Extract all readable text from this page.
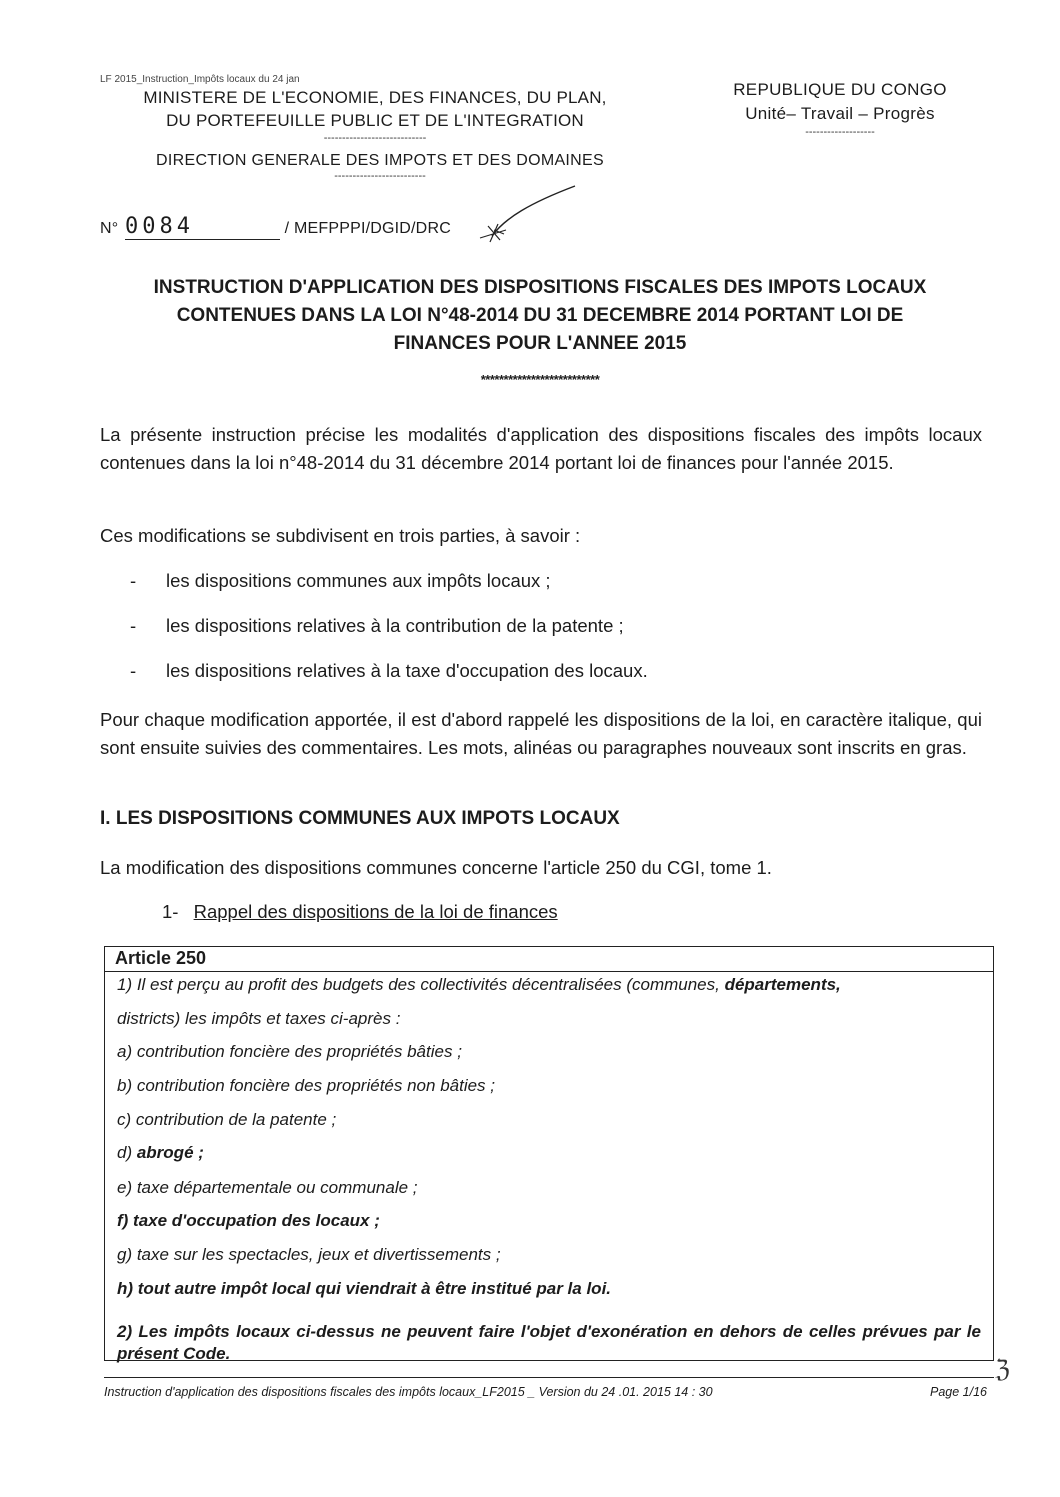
LF 2015_Instruction_Impôts locaux du 24 jan
MINISTERE DE L'ECONOMIE, DES FINANCES, DU PLAN,
DU PORTEFEUILLE PUBLIC ET DE L'INTEGRATION
----------------------------
REPUBLIQUE DU CONGO
Unité– Travail – Progrès
-------------------
DIRECTION GENERALE DES IMPOTS ET DES DOMAINES
-------------------------
N° 0084	/ MEFPPPI/DGID/DRC
INSTRUCTION D'APPLICATION DES DISPOSITIONS FISCALES DES IMPOTS LOCAUX
CONTENUES DANS LA LOI N°48-2014 DU 31 DECEMBRE 2014 PORTANT LOI DE
FINANCES POUR L'ANNEE 2015
**************************
La présente instruction précise les modalités d'application des dispositions fiscales des impôts locaux contenues dans la loi n°48-2014 du 31 décembre 2014 portant loi de finances pour l'année 2015.
Ces modifications se subdivisent en trois parties, à savoir :
- les dispositions communes aux impôts locaux ;
- les dispositions relatives à la contribution de la patente ;
- les dispositions relatives à la taxe d'occupation des locaux.
Pour chaque modification apportée, il est d'abord rappelé les dispositions de la loi, en caractère italique, qui sont ensuite suivies des commentaires. Les mots, alinéas ou paragraphes nouveaux sont inscrits en gras.
I. LES DISPOSITIONS COMMUNES AUX IMPOTS LOCAUX
La modification des dispositions communes concerne l'article 250 du CGI, tome 1.
1- Rappel des dispositions de la loi de finances
Article 250
1) Il est perçu au profit des budgets des collectivités décentralisées (communes, départements,
districts) les impôts et taxes ci-après :
a) contribution foncière des propriétés bâties ;
b) contribution foncière des propriétés non bâties ;
c) contribution de la patente ;
d) abrogé ;
e) taxe départementale ou communale ;
f) taxe d'occupation des locaux ;
g) taxe sur les spectacles, jeux et divertissements ;
h) tout autre impôt local qui viendrait à être institué par la loi.
2) Les impôts locaux ci-dessus ne peuvent faire l'objet d'exonération en dehors de celles prévues par le présent Code.
ℨ
Instruction d'application des dispositions fiscales des impôts locaux_LF2015 _ Version du 24 .01. 2015 14 : 30	Page 1/16
